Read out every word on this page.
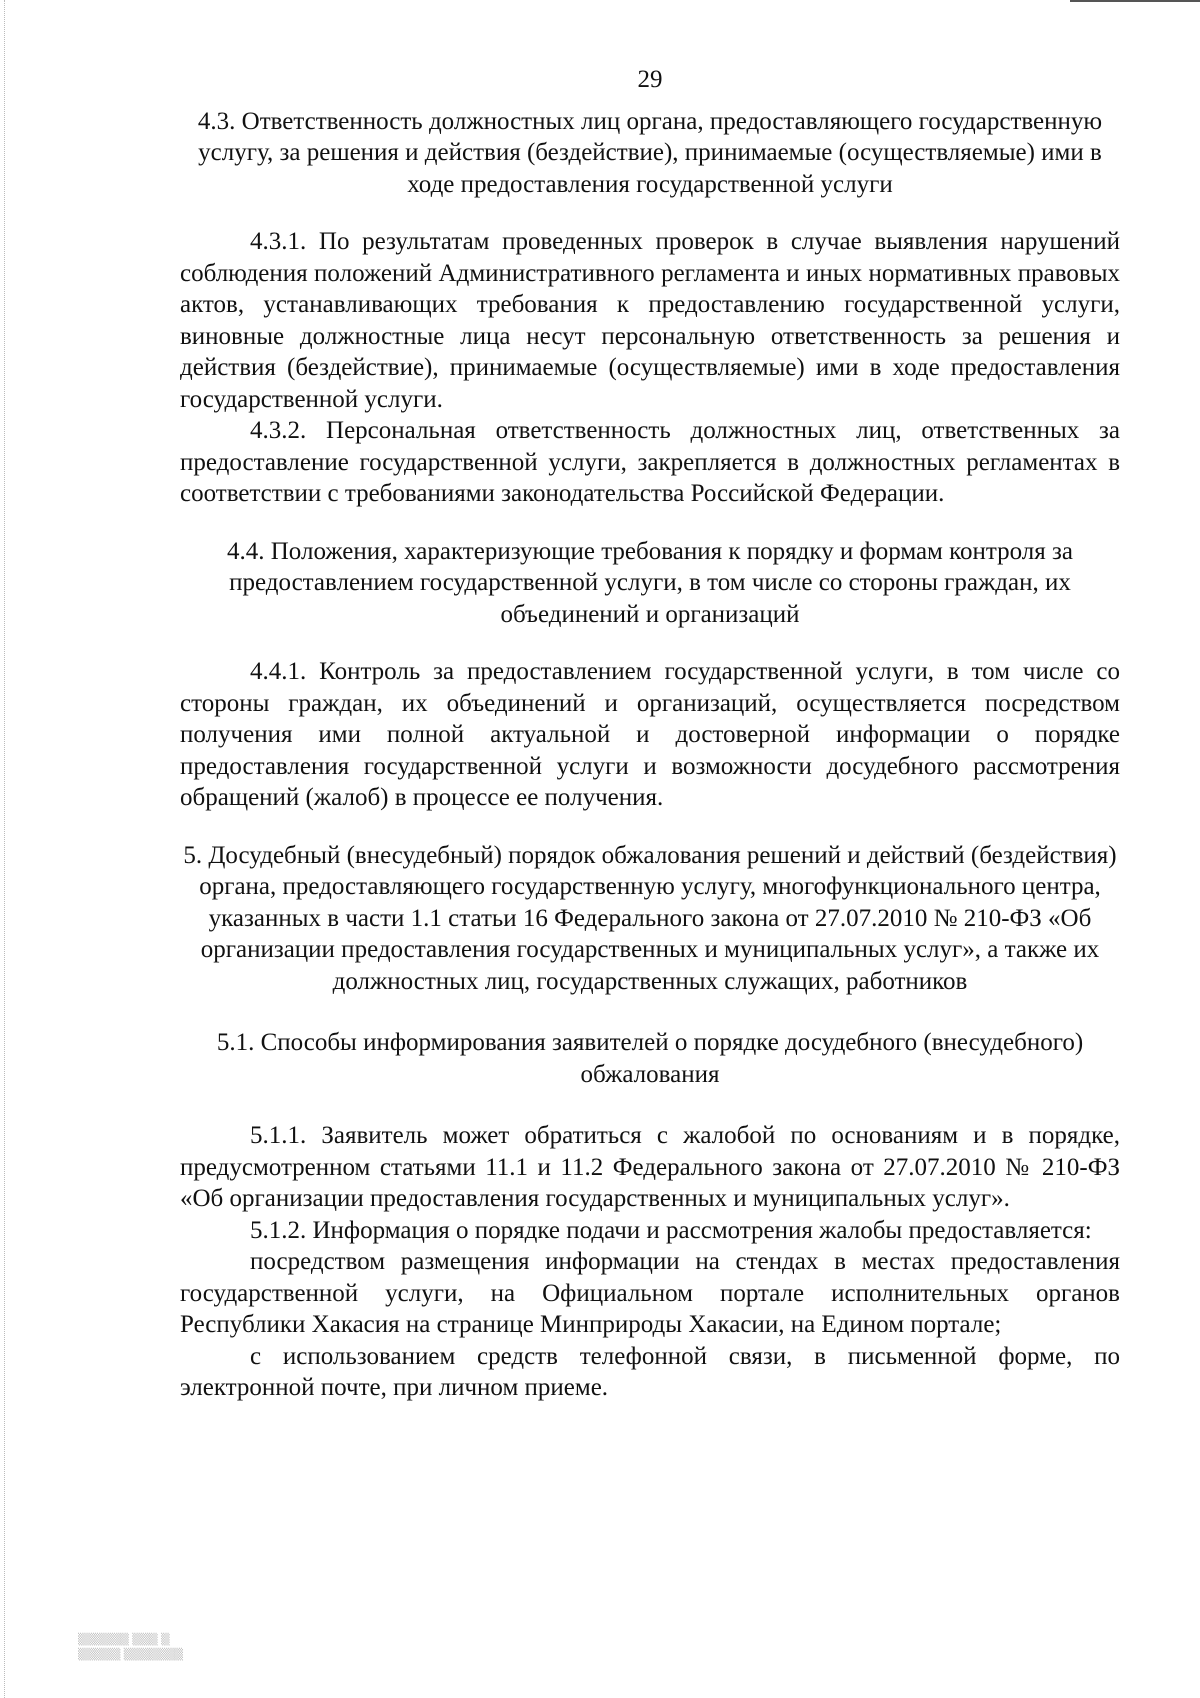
29
4.3. Ответственность должностных лиц органа, предоставляющего государственную услугу, за решения и действия (бездействие), принимаемые (осуществляемые) ими в ходе предоставления государственной услуги

4.3.1. По результатам проведенных проверок в случае выявления нарушений соблюдения положений Административного регламента и иных нормативных правовых актов, устанавливающих требования к предоставлению государственной услуги, виновные должностные лица несут персональную ответственность за решения и действия (бездействие), принимаемые (осуществляемые) ими в ходе предоставления государственной услуги.

4.3.2. Персональная ответственность должностных лиц, ответственных за предоставление государственной услуги, закрепляется в должностных регламентах в соответствии с требованиями законодательства Российской Федерации.

4.4. Положения, характеризующие требования к порядку и формам контроля за предоставлением государственной услуги, в том числе со стороны граждан, их объединений и организаций

4.4.1. Контроль за предоставлением государственной услуги, в том числе со стороны граждан, их объединений и организаций, осуществляется посредством получения ими полной актуальной и достоверной информации о порядке предоставления государственной услуги и возможности досудебного рассмотрения обращений (жалоб) в процессе ее получения.

5. Досудебный (внесудебный) порядок обжалования решений и действий (бездействия) органа, предоставляющего государственную услугу, многофункционального центра, указанных в части 1.1 статьи 16 Федерального закона от 27.07.2010 № 210-ФЗ «Об организации предоставления государственных и муниципальных услуг», а также их должностных лиц, государственных служащих, работников
5.1. Способы информирования заявителей о порядке досудебного (внесудебного) обжалования

5.1.1. Заявитель может обратиться с жалобой по основаниям и в порядке, предусмотренном статьями 11.1 и 11.2 Федерального закона от 27.07.2010 № 210-ФЗ «Об организации предоставления государственных и муниципальных услуг».

5.1.2. Информация о порядке подачи и рассмотрения жалобы предоставляется:

посредством размещения информации на стендах в местах предоставления государственной услуги, на Официальном портале исполнительных органов Республики Хакасия на странице Минприроды Хакасии, на Едином портале;

с использованием средств телефонной связи, в письменной форме, по электронной почте, при личном приеме.

▒▒▒▒▒▒ ▒▒▒ ▒
▒▒▒▒▒ ▒▒▒▒▒▒▒
